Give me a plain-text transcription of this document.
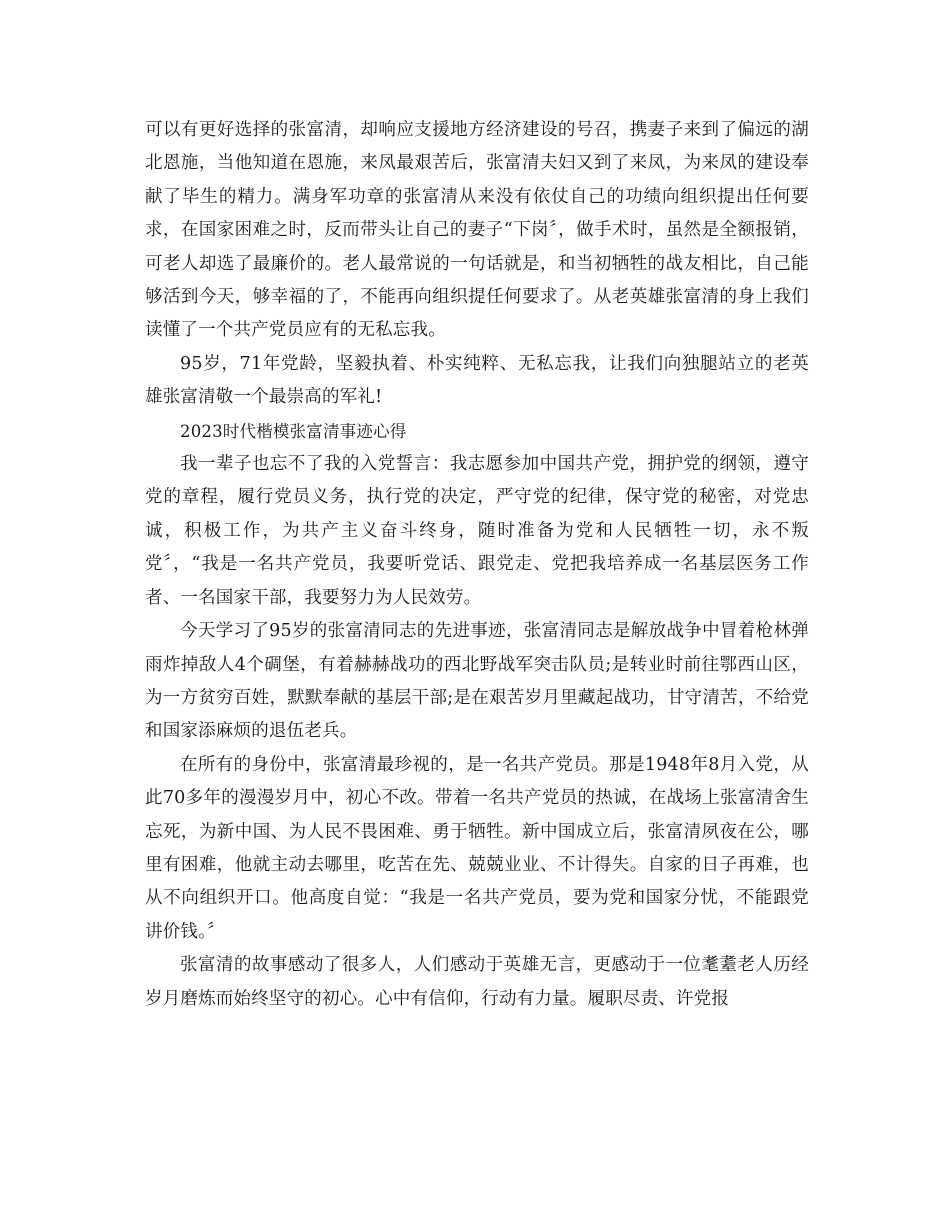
可以有更好选择的张富清，却响应支援地方经济建设的号召，携妻子来到了偏远的湖北恩施，当他知道在恩施，来凤最艰苦后，张富清夫妇又到了来凤，为来凤的建设奉献了毕生的精力。满身军功章的张富清从来没有依仗自己的功绩向组织提出任何要求，在国家困难之时，反而带头让自己的妻子“下岗〞，做手术时，虽然是全额报销，可老人却选了最廉价的。老人最常说的一句话就是，和当初牺牲的战友相比，自己能够活到今天，够幸福的了，不能再向组织提任何要求了。从老英雄张富清的身上我们读懂了一个共产党员应有的无私忘我。

95岁，71年党龄，坚毅执着、朴实纯粹、无私忘我，让我们向独腿站立的老英雄张富清敬一个最崇高的军礼!

2023时代楷模张富清事迹心得

我一辈子也忘不了我的入党誓言：我志愿参加中国共产党，拥护党的纲领，遵守党的章程，履行党员义务，执行党的决定，严守党的纪律，保守党的秘密，对党忠诚，积极工作，为共产主义奋斗终身，随时准备为党和人民牺牲一切，永不叛党〞，“我是一名共产党员，我要听党话、跟党走、党把我培养成一名基层医务工作者、一名国家干部，我要努力为人民效劳。

今天学习了95岁的张富清同志的先进事迹，张富清同志是解放战争中冒着枪林弹雨炸掉敌人4个碉堡，有着赫赫战功的西北野战军突击队员;是转业时前往鄂西山区，为一方贫穷百姓，默默奉献的基层干部;是在艰苦岁月里藏起战功，甘守清苦，不给党和国家添麻烦的退伍老兵。

在所有的身份中，张富清最珍视的，是一名共产党员。那是1948年8月入党，从此70多年的漫漫岁月中，初心不改。带着一名共产党员的热诚，在战场上张富清舍生忘死，为新中国、为人民不畏困难、勇于牺牲。新中国成立后，张富清夙夜在公，哪里有困难，他就主动去哪里，吃苦在先、兢兢业业、不计得失。自家的日子再难，也从不向组织开口。他高度自觉：“我是一名共产党员，要为党和国家分忧，不能跟党讲价钱。〞

张富清的故事感动了很多人，人们感动于英雄无言，更感动于一位耄耋老人历经岁月磨炼而始终坚守的初心。心中有信仰，行动有力量。履职尽责、许党报
